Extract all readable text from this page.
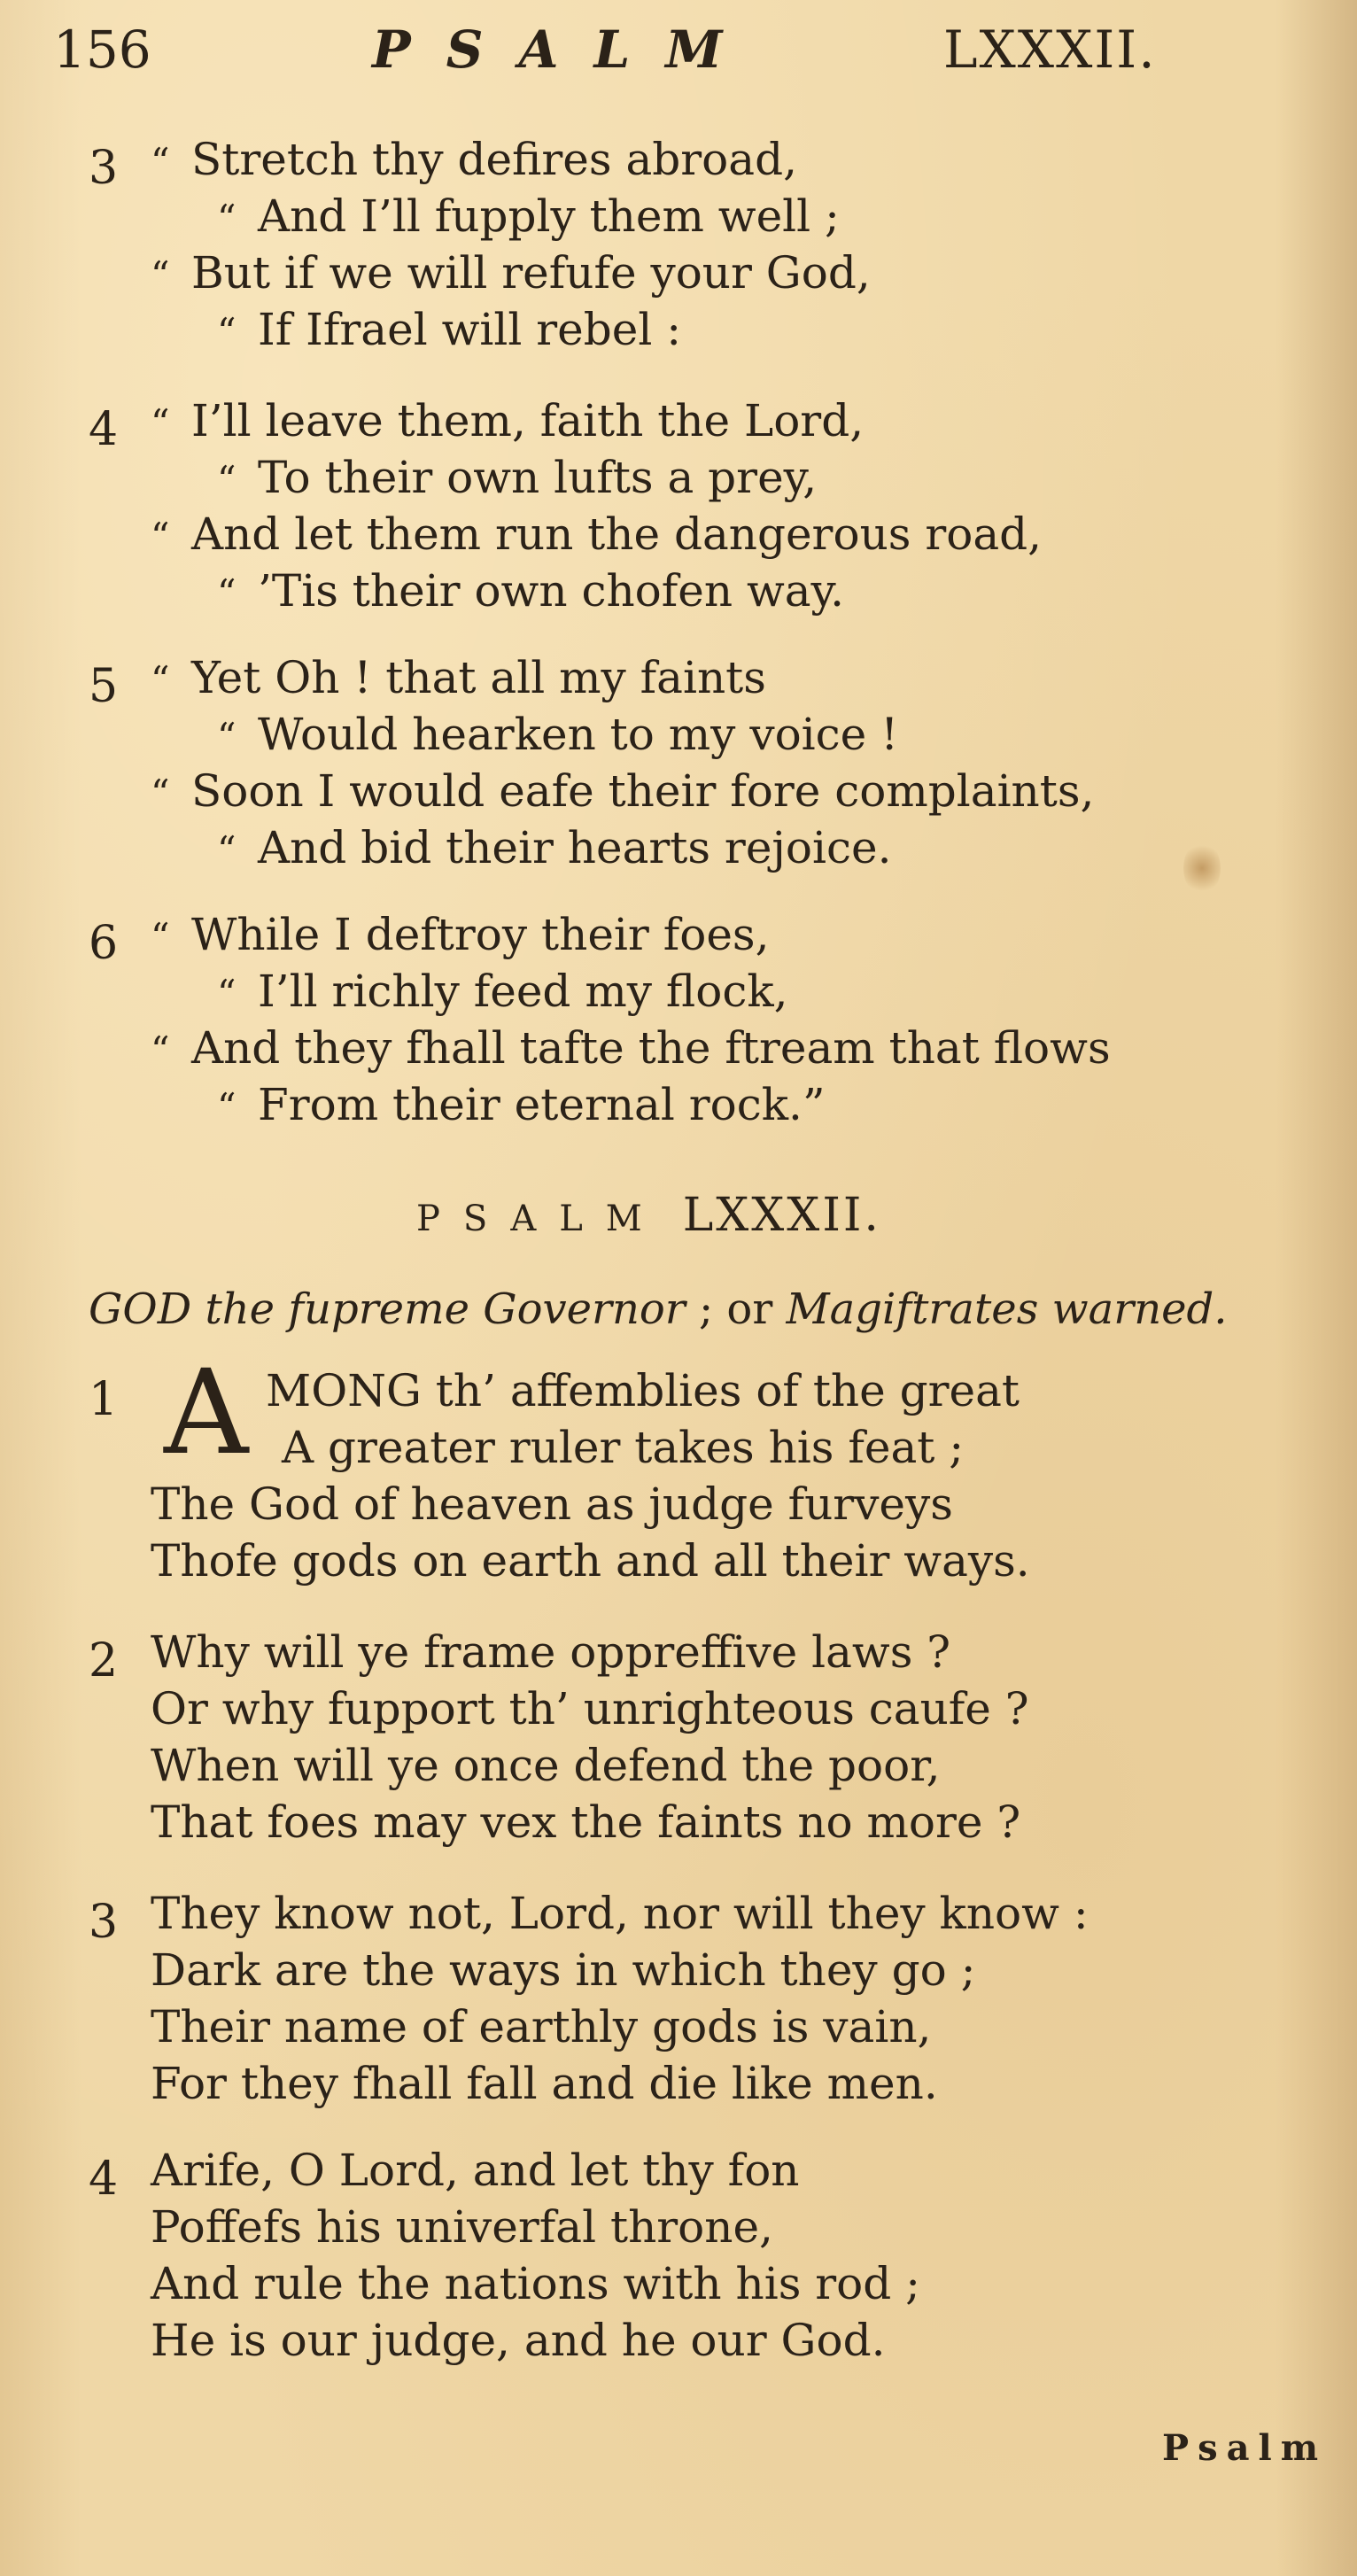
156	PSALM	LXXXII.
3 “ Stretch thy defires abroad,
“ And I’ll fupply them well ;
“ But if we will refufe your God,
“ If Ifrael will rebel :
4 “ I’ll leave them, faith the Lord,
“ To their own lufts a prey,
“ And let them run the dangerous road,
“ ’Tis their own chofen way.
5 “ Yet Oh ! that all my faints
“ Would hearken to my voice !
“ Soon I would eafe their fore complaints,
“ And bid their hearts rejoice.
6 “ While I deftroy their foes,
“ I’ll richly feed my flock,
“ And they fhall tafte the ftream that flows
“ From their eternal rock.”
PSALM LXXXII.
GOD the fupreme Governor ; or Magiftrates warned.
1	MONG th’ affemblies of the great
A greater ruler takes his feat ;
The God of heaven as judge furveys
Thofe gods on earth and all their ways.
A
2 Why will ye frame oppreffive laws ?
Or why fupport th’ unrighteous caufe ?
When will ye once defend the poor,
That foes may vex the faints no more ?
3 They know not, Lord, nor will they know :
Dark are the ways in which they go ;
Their name of earthly gods is vain,
For they fhall fall and die like men.
4 Arife, O Lord, and let thy fon
Poffefs his univerfal throne,
And rule the nations with his rod ;
He is our judge, and he our God.
Psalm
